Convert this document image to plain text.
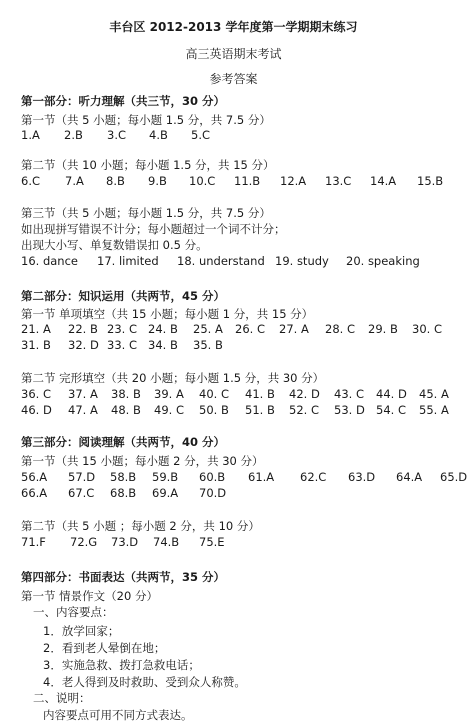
丰台区 2012-2013 学年度第一学期期末练习
高三英语期末考试
参考答案
第一部分：听力理解（共三节，30 分）
第一节（共 5 小题；每小题 1.5 分，共 7.5 分）
1.A 2.B 3.C 4.B 5.C
第二节（共 10 小题；每小题 1.5 分，共 15 分）
6.C 7.A 8.B 9.B 10.C 11.B 12.A 13.C 14.A 15.B
第三节（共 5 小题；每小题 1.5 分，共 7.5 分）
如出现拼写错误不计分；每小题超过一个词不计分；
出现大小写、单复数错误扣 0.5 分。
16. dance 17. limited 18. understand 19. study 20. speaking
第二部分：知识运用（共两节，45 分）
第一节 单项填空（共 15 小题；每小题 1 分，共 15 分）
21. A 22. B 23. C 24. B 25. A 26. C 27. A 28. C 29. B 30. C
31. B 32. D 33. C 34. B 35. B
第二节 完形填空（共 20 小题；每小题 1.5 分，共 30 分）
36. C 37. A 38. B 39. A 40. C 41. B 42. D 43. C 44. D 45. A
46. D 47. A 48. B 49. C 50. B 51. B 52. C 53. D 54. C 55. A
第三部分：阅读理解（共两节，40 分）
第一节（共 15 小题；每小题 2 分，共 30 分）
56.A 57.D 58.B 59.B 60.B 61.A 62.C 63.D 64.A 65.D
66.A 67.C 68.B 69.A 70.D
第二节（共 5 小题 ；每小题 2 分，共 10 分）
71.F 72.G 73.D 74.B 75.E
第四部分：书面表达（共两节，35 分）
第一节 情景作文（20 分）
一、内容要点：
1．放学回家；
2．看到老人晕倒在地；
3．实施急救、拨打急救电话；
4．老人得到及时救助、受到众人称赞。
二、说明：
内容要点可用不同方式表达。
